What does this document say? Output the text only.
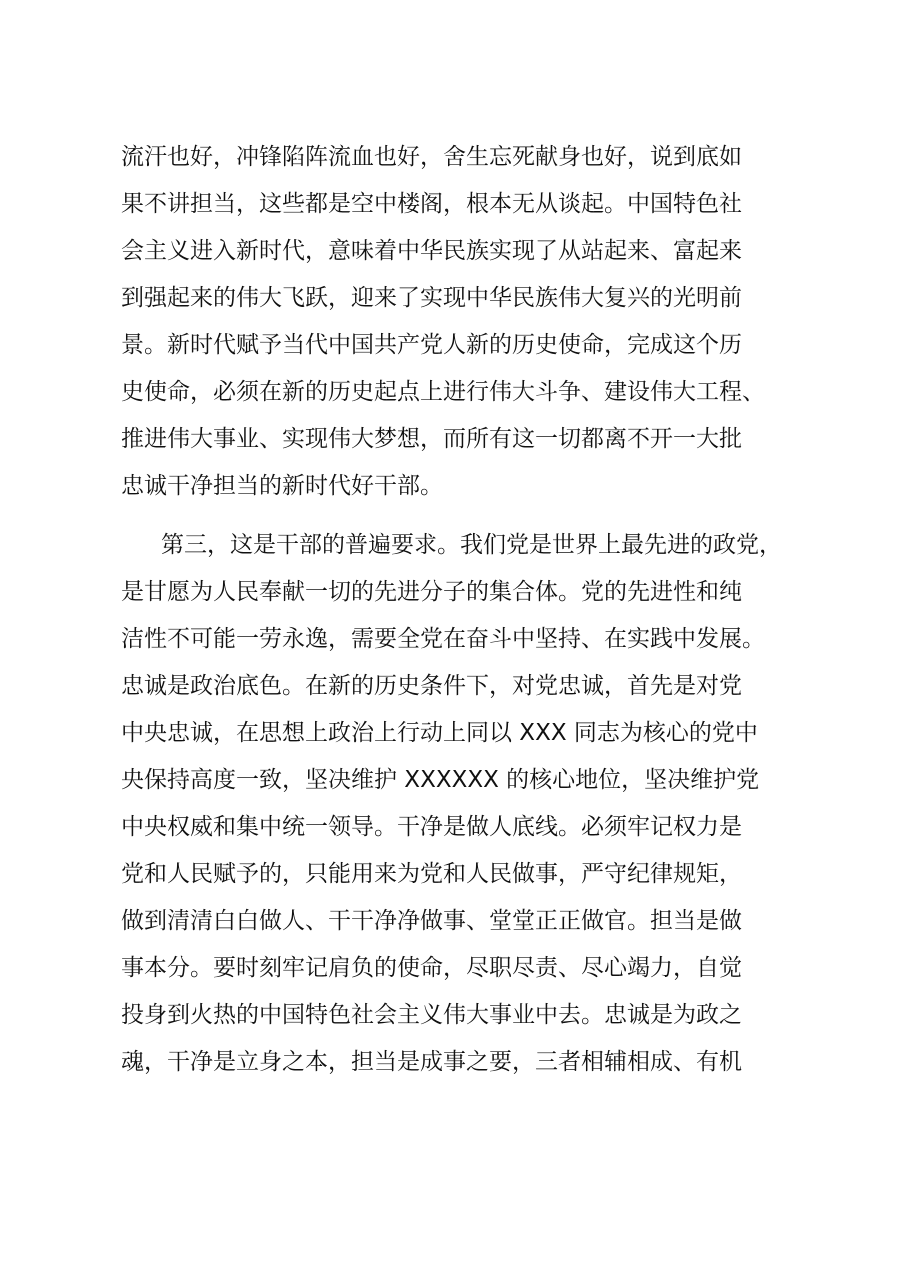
流汗也好，冲锋陷阵流血也好，舍生忘死献身也好，说到底如
果不讲担当，这些都是空中楼阁，根本无从谈起。中国特色社
会主义进入新时代，意味着中华民族实现了从站起来、富起来
到强起来的伟大飞跃，迎来了实现中华民族伟大复兴的光明前
景。新时代赋予当代中国共产党人新的历史使命，完成这个历
史使命，必须在新的历史起点上进行伟大斗争、建设伟大工程、
推进伟大事业、实现伟大梦想，而所有这一切都离不开一大批
忠诚干净担当的新时代好干部。
第三，这是干部的普遍要求。我们党是世界上最先进的政党，
是甘愿为人民奉献一切的先进分子的集合体。党的先进性和纯
洁性不可能一劳永逸，需要全党在奋斗中坚持、在实践中发展。
忠诚是政治底色。在新的历史条件下，对党忠诚，首先是对党
中央忠诚，在思想上政治上行动上同以 XXX 同志为核心的党中
央保持高度一致，坚决维护 XXXXXX 的核心地位，坚决维护党
中央权威和集中统一领导。干净是做人底线。必须牢记权力是
党和人民赋予的，只能用来为党和人民做事，严守纪律规矩，
做到清清白白做人、干干净净做事、堂堂正正做官。担当是做
事本分。要时刻牢记肩负的使命，尽职尽责、尽心竭力，自觉
投身到火热的中国特色社会主义伟大事业中去。忠诚是为政之
魂，干净是立身之本，担当是成事之要，三者相辅相成、有机
